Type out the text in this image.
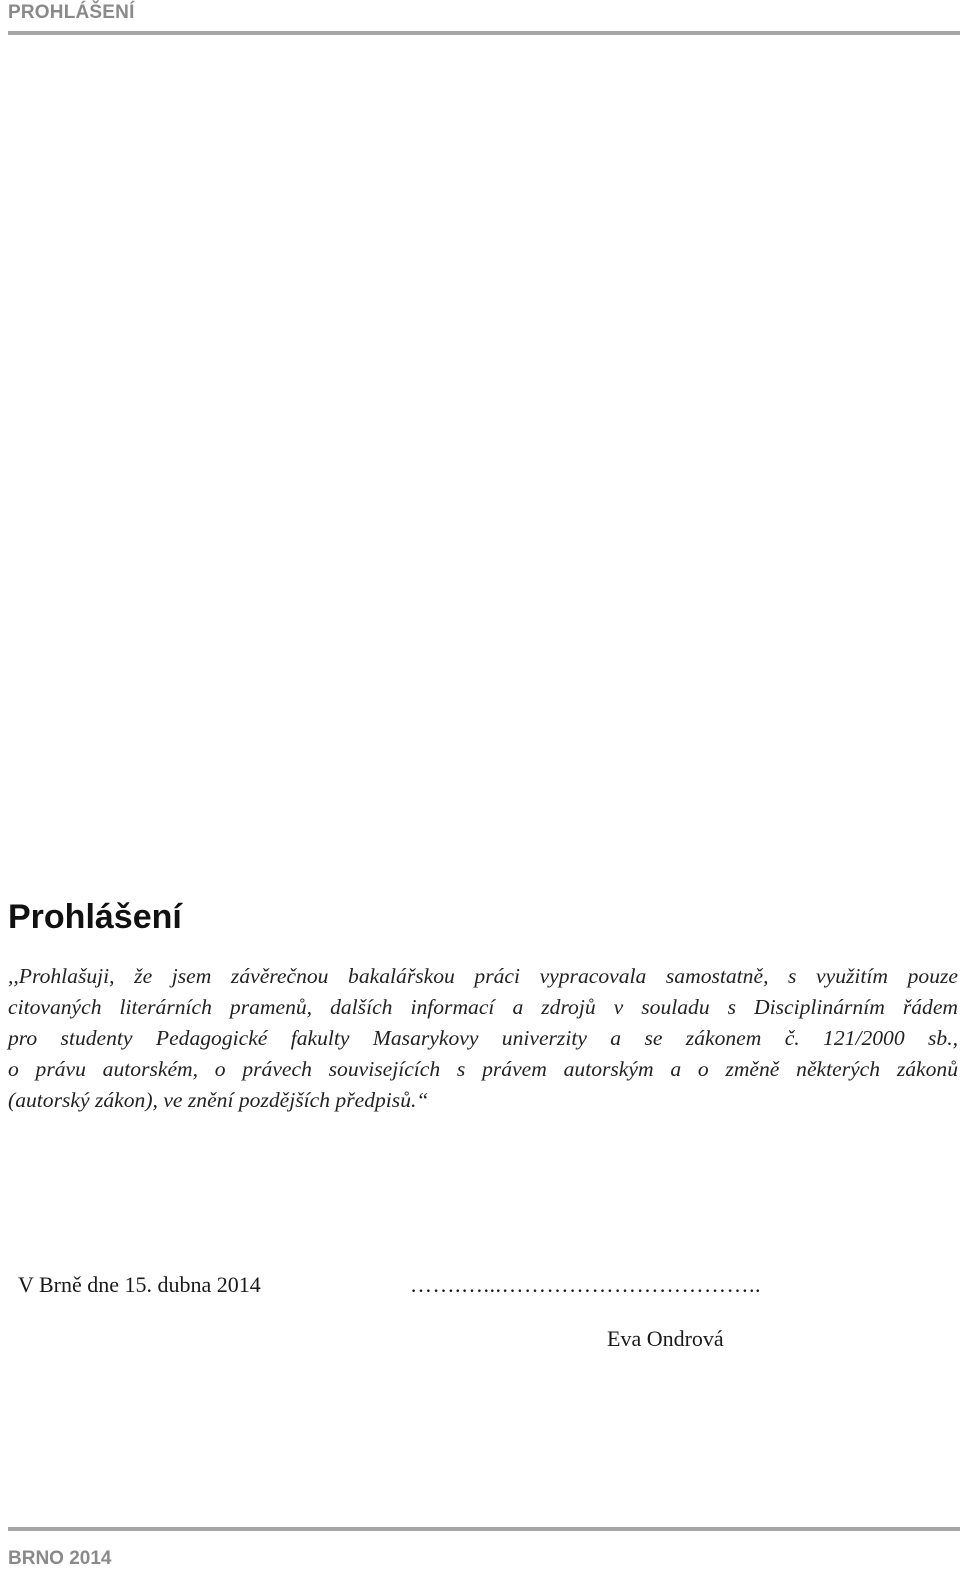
PROHLÁŠENÍ
Prohlášení

,,Prohlašuji, že jsem závěrečnou bakalářskou práci vypracovala samostatně, s využitím pouze
citovaných literárních pramenů, dalších informací a zdrojů v souladu s Disciplinárním řádem
pro studenty Pedagogické fakulty Masarykovy univerzity a se zákonem č. 121/2000 sb.,
o právu autorském, o právech souvisejících s právem autorským a o změně některých zákonů
(autorský zákon), ve znění pozdějších předpisů.“

V Brně dne 15. dubna 2014	…….…...……………………………..
Eva Ondrová
BRNO 2014
